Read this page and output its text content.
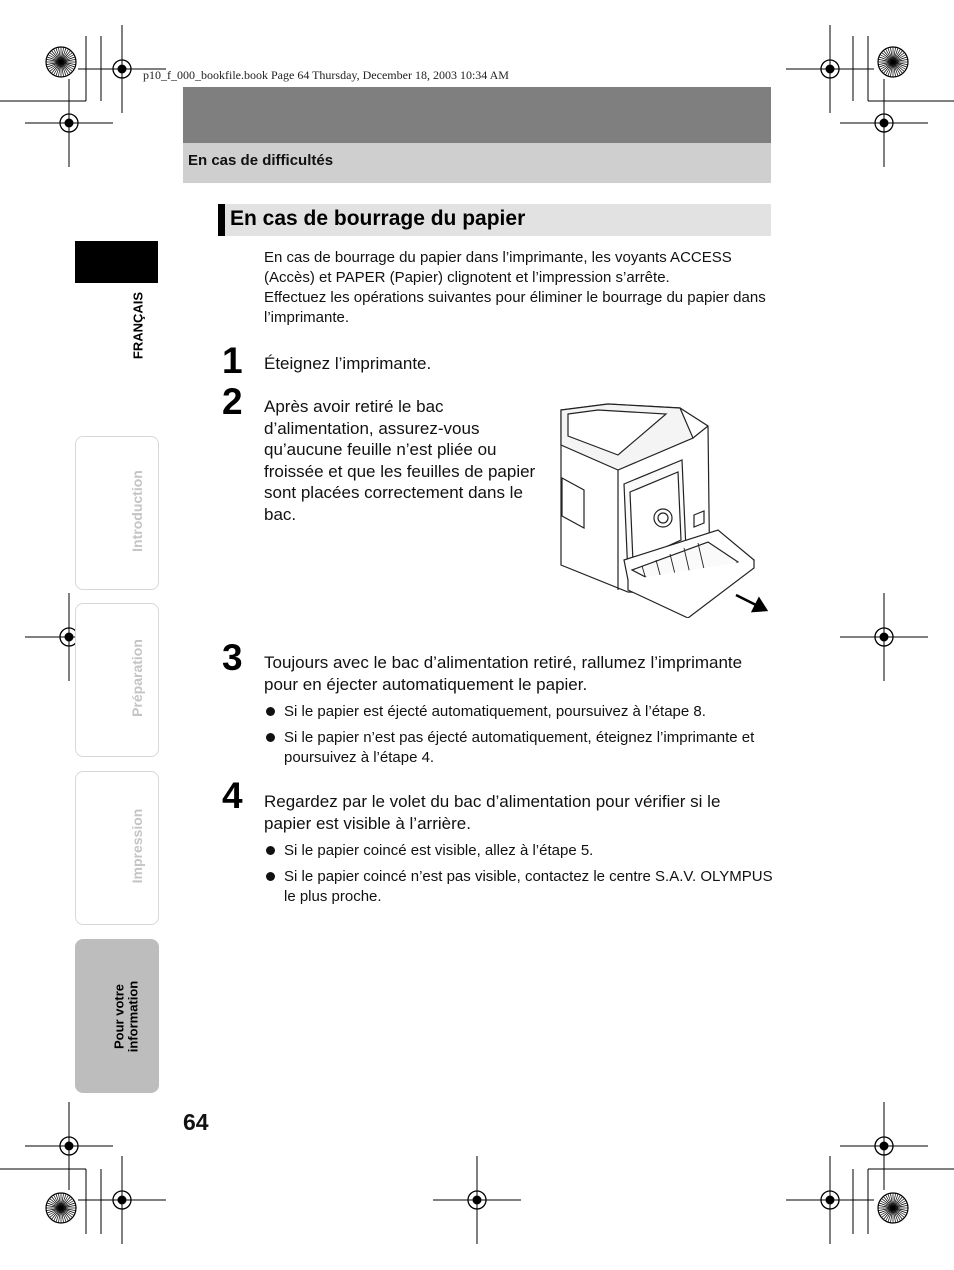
p10_f_000_bookfile.book Page 64 Thursday, December 18, 2003 10:34 AM
En cas de difficultés
En cas de bourrage du papier

En cas de bourrage du papier dans l’imprimante, les voyants ACCESS (Accès) et PAPER (Papier) clignotent et l’impression s’arrête.

Effectuez les opérations suivantes pour éliminer le bourrage du papier dans l’imprimante.

1 Éteignez l’imprimante.
2 Après avoir retiré le bac d’alimentation, assurez-vous qu’aucune feuille n’est pliée ou froissée et que les feuilles de papier sont placées correctement dans le bac.
3 Toujours avec le bac d’alimentation retiré, rallumez l’imprimante pour en éjecter automatiquement le papier.
Si le papier est éjecté automatiquement, poursuivez à l’étape 8.
Si le papier n’est pas éjecté automatiquement, éteignez l’imprimante et poursuivez à l’étape 4.
4 Regardez par le volet du bac d’alimentation pour vérifier si le papier est visible à l’arrière.
Si le papier coincé est visible, allez à l’étape 5.
Si le papier coincé n’est pas visible, contactez le centre S.A.V. OLYMPUS le plus proche.
FRANÇAIS
Introduction
Préparation
Impression
Pour votre information
64
